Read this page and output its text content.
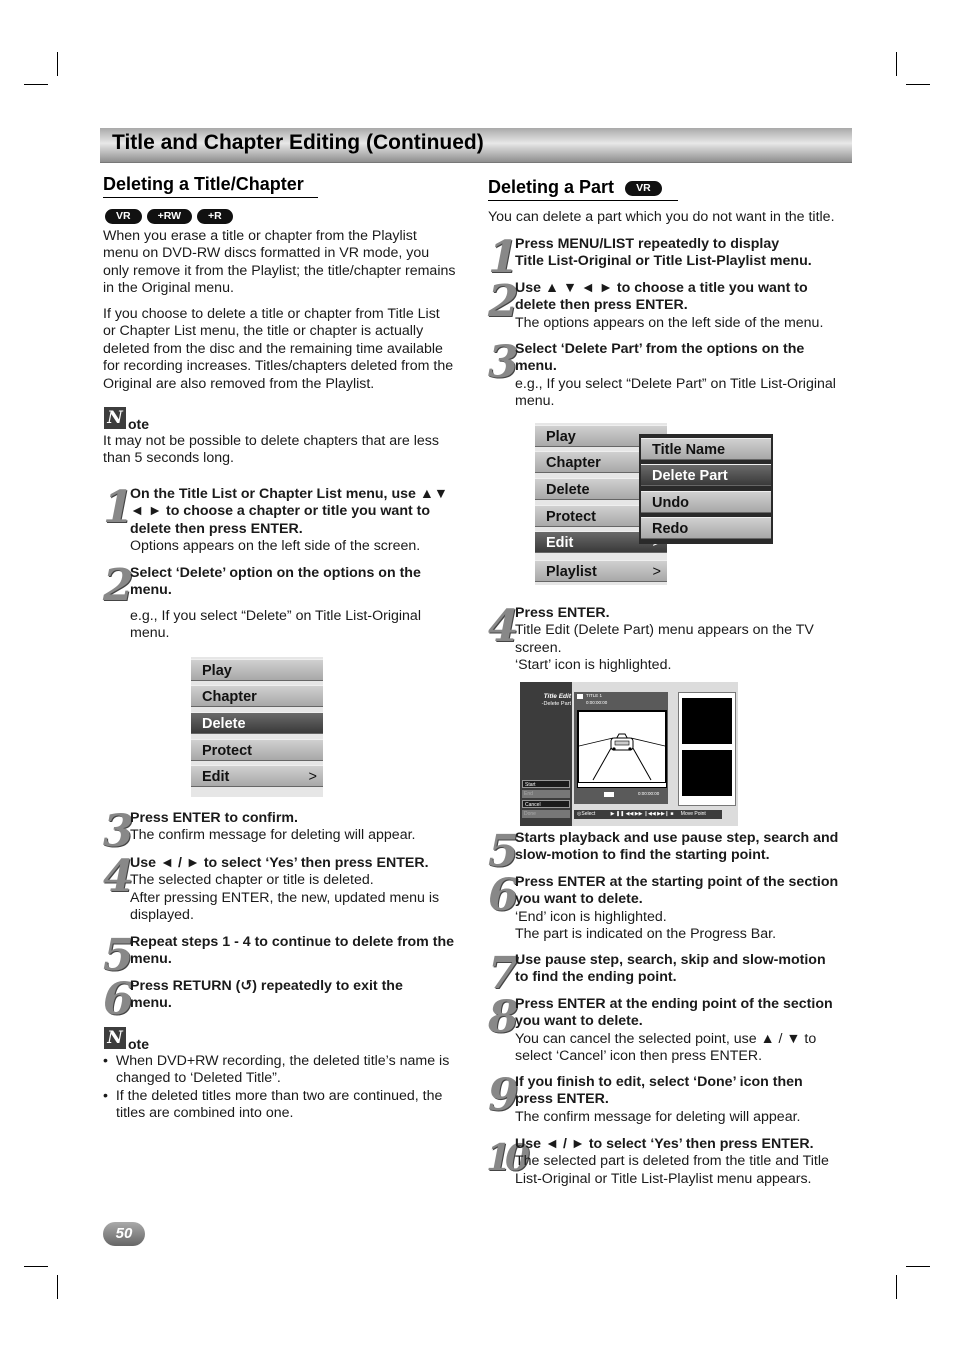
Title and Chapter Editing (Continued)
Deleting a Title/Chapter
VR	+RW	+R
When you erase a title or chapter from the Playlist
menu on DVD-RW discs formatted in VR mode, you
only remove it from the Playlist; the title/chapter remains
in the Original menu.
If you choose to delete a title or chapter from Title List
or Chapter List menu, the title or chapter is actually
deleted from the disc and the remaining time available
for recording increases. Titles/chapters deleted from the
Original are also removed from the Playlist.
N ote
It may not be possible to delete chapters that are less
than 5 seconds long.
1 On the Title List or Chapter List menu, use ▲▼
◄ ► to choose a chapter or title you want to
delete then press ENTER.
Options appears on the left side of the screen.
2 Select ‘Delete’ option on the options on the
menu.
e.g., If you select “Delete” on Title List-Original
menu.
Play
Chapter
Delete
Protect
Edit	>
3 Press ENTER to confirm.
The confirm message for deleting will appear.
4 Use ◄ / ► to select ‘Yes’ then press ENTER.
The selected chapter or title is deleted.
After pressing ENTER, the new, updated menu is
displayed.
5 Repeat steps 1 - 4 to continue to delete from the
menu.
6 Press RETURN (↺) repeatedly to exit the
menu.
N ote
•  When DVD+RW recording, the deleted title’s name is
changed to ‘Deleted Title”.
•  If the deleted titles more than two are continued, the
titles are combined into one.
Deleting a Part VR
You can delete a part which you do not want in the title.
1 Press MENU/LIST repeatedly to display
Title List-Original or Title List-Playlist menu.
2 Use ▲ ▼ ◄ ► to choose a title you want to
delete then press ENTER.
The options appears on the left side of the menu.
3 Select ‘Delete Part’ from the options on the
menu.
e.g., If you select “Delete Part” on Title List-Original
menu.
Play
Chapter
Delete
Protect
Edit
Playlist	>
Title Name
Delete Part
Undo
Redo
4 Press ENTER.
Title Edit (Delete Part) menu appears on the TV
screen.
‘Start’ icon is highlighted.
Title Edit
-Delete Part
Start
End
Cancel
Done
TITLE 1
0:00:00:00
0:00:00:00
◎Select	▶ ❚❚ ◀◀ ▶▶ ❙◀◀ ▶▶❙ ■ Move Point
5 Starts playback and use pause step, search and
slow-motion to find the starting point.
6 Press ENTER at the starting point of the section
you want to delete.
‘End’ icon is highlighted.
The part is indicated on the Progress Bar.
7 Use pause step, search, skip and slow-motion
to find the ending point.
8 Press ENTER at the ending point of the section
you want to delete.
You can cancel the selected point, use ▲ / ▼ to
select ‘Cancel’ icon then press ENTER.
9 If you finish to edit, select ‘Done’ icon then
press ENTER.
The confirm message for deleting will appear.
10
Use ◄ / ► to select ‘Yes’ then press ENTER.
The selected part is deleted from the title and Title
List-Original or Title List-Playlist menu appears.
50
